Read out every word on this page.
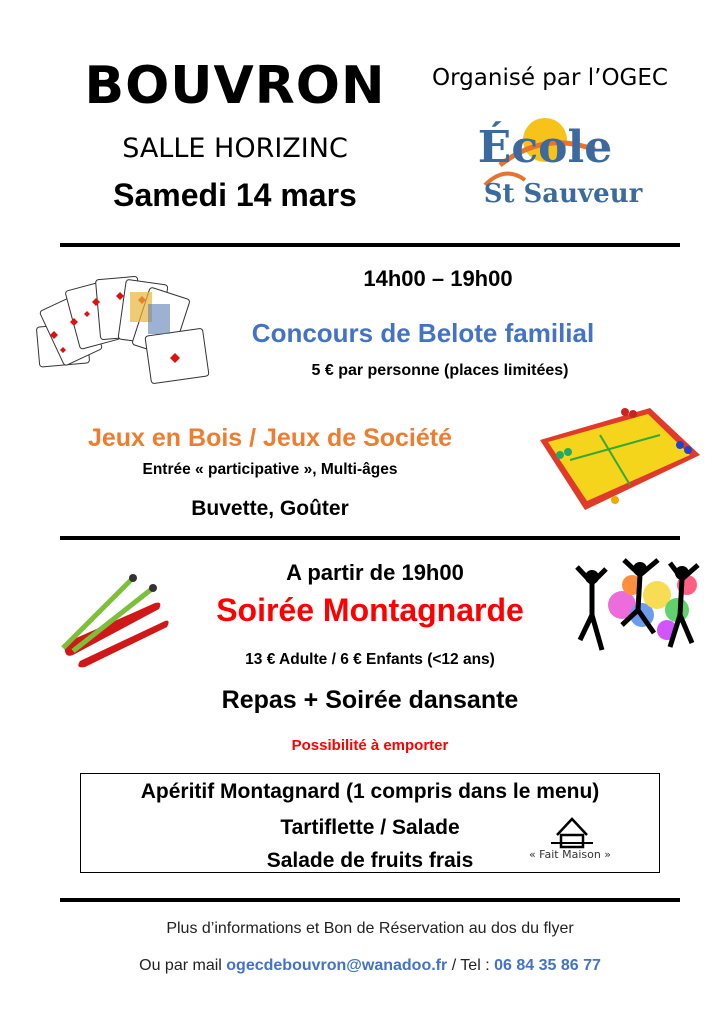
BOUVRON
SALLE HORIZINC
Samedi 14 mars
Organisé par l’OGEC
École
St Sauveur
14h00 – 19h00
Concours de Belote familial
5 € par personne (places limitées)
Jeux en Bois / Jeux de Société
Entrée « participative », Multi-âges
Buvette, Goûter
A partir de 19h00
Soirée Montagnarde
13 € Adulte / 6 € Enfants (<12 ans)
Repas + Soirée dansante
Possibilité à emporter
Apéritif Montagnard (1 compris dans le menu)
Tartiflette / Salade
Salade de fruits frais	« Fait Maison »
Plus d’informations et Bon de Réservation au dos du flyer
Ou par mail ogecdebouvron@wanadoo.fr / Tel : 06 84 35 86 77
